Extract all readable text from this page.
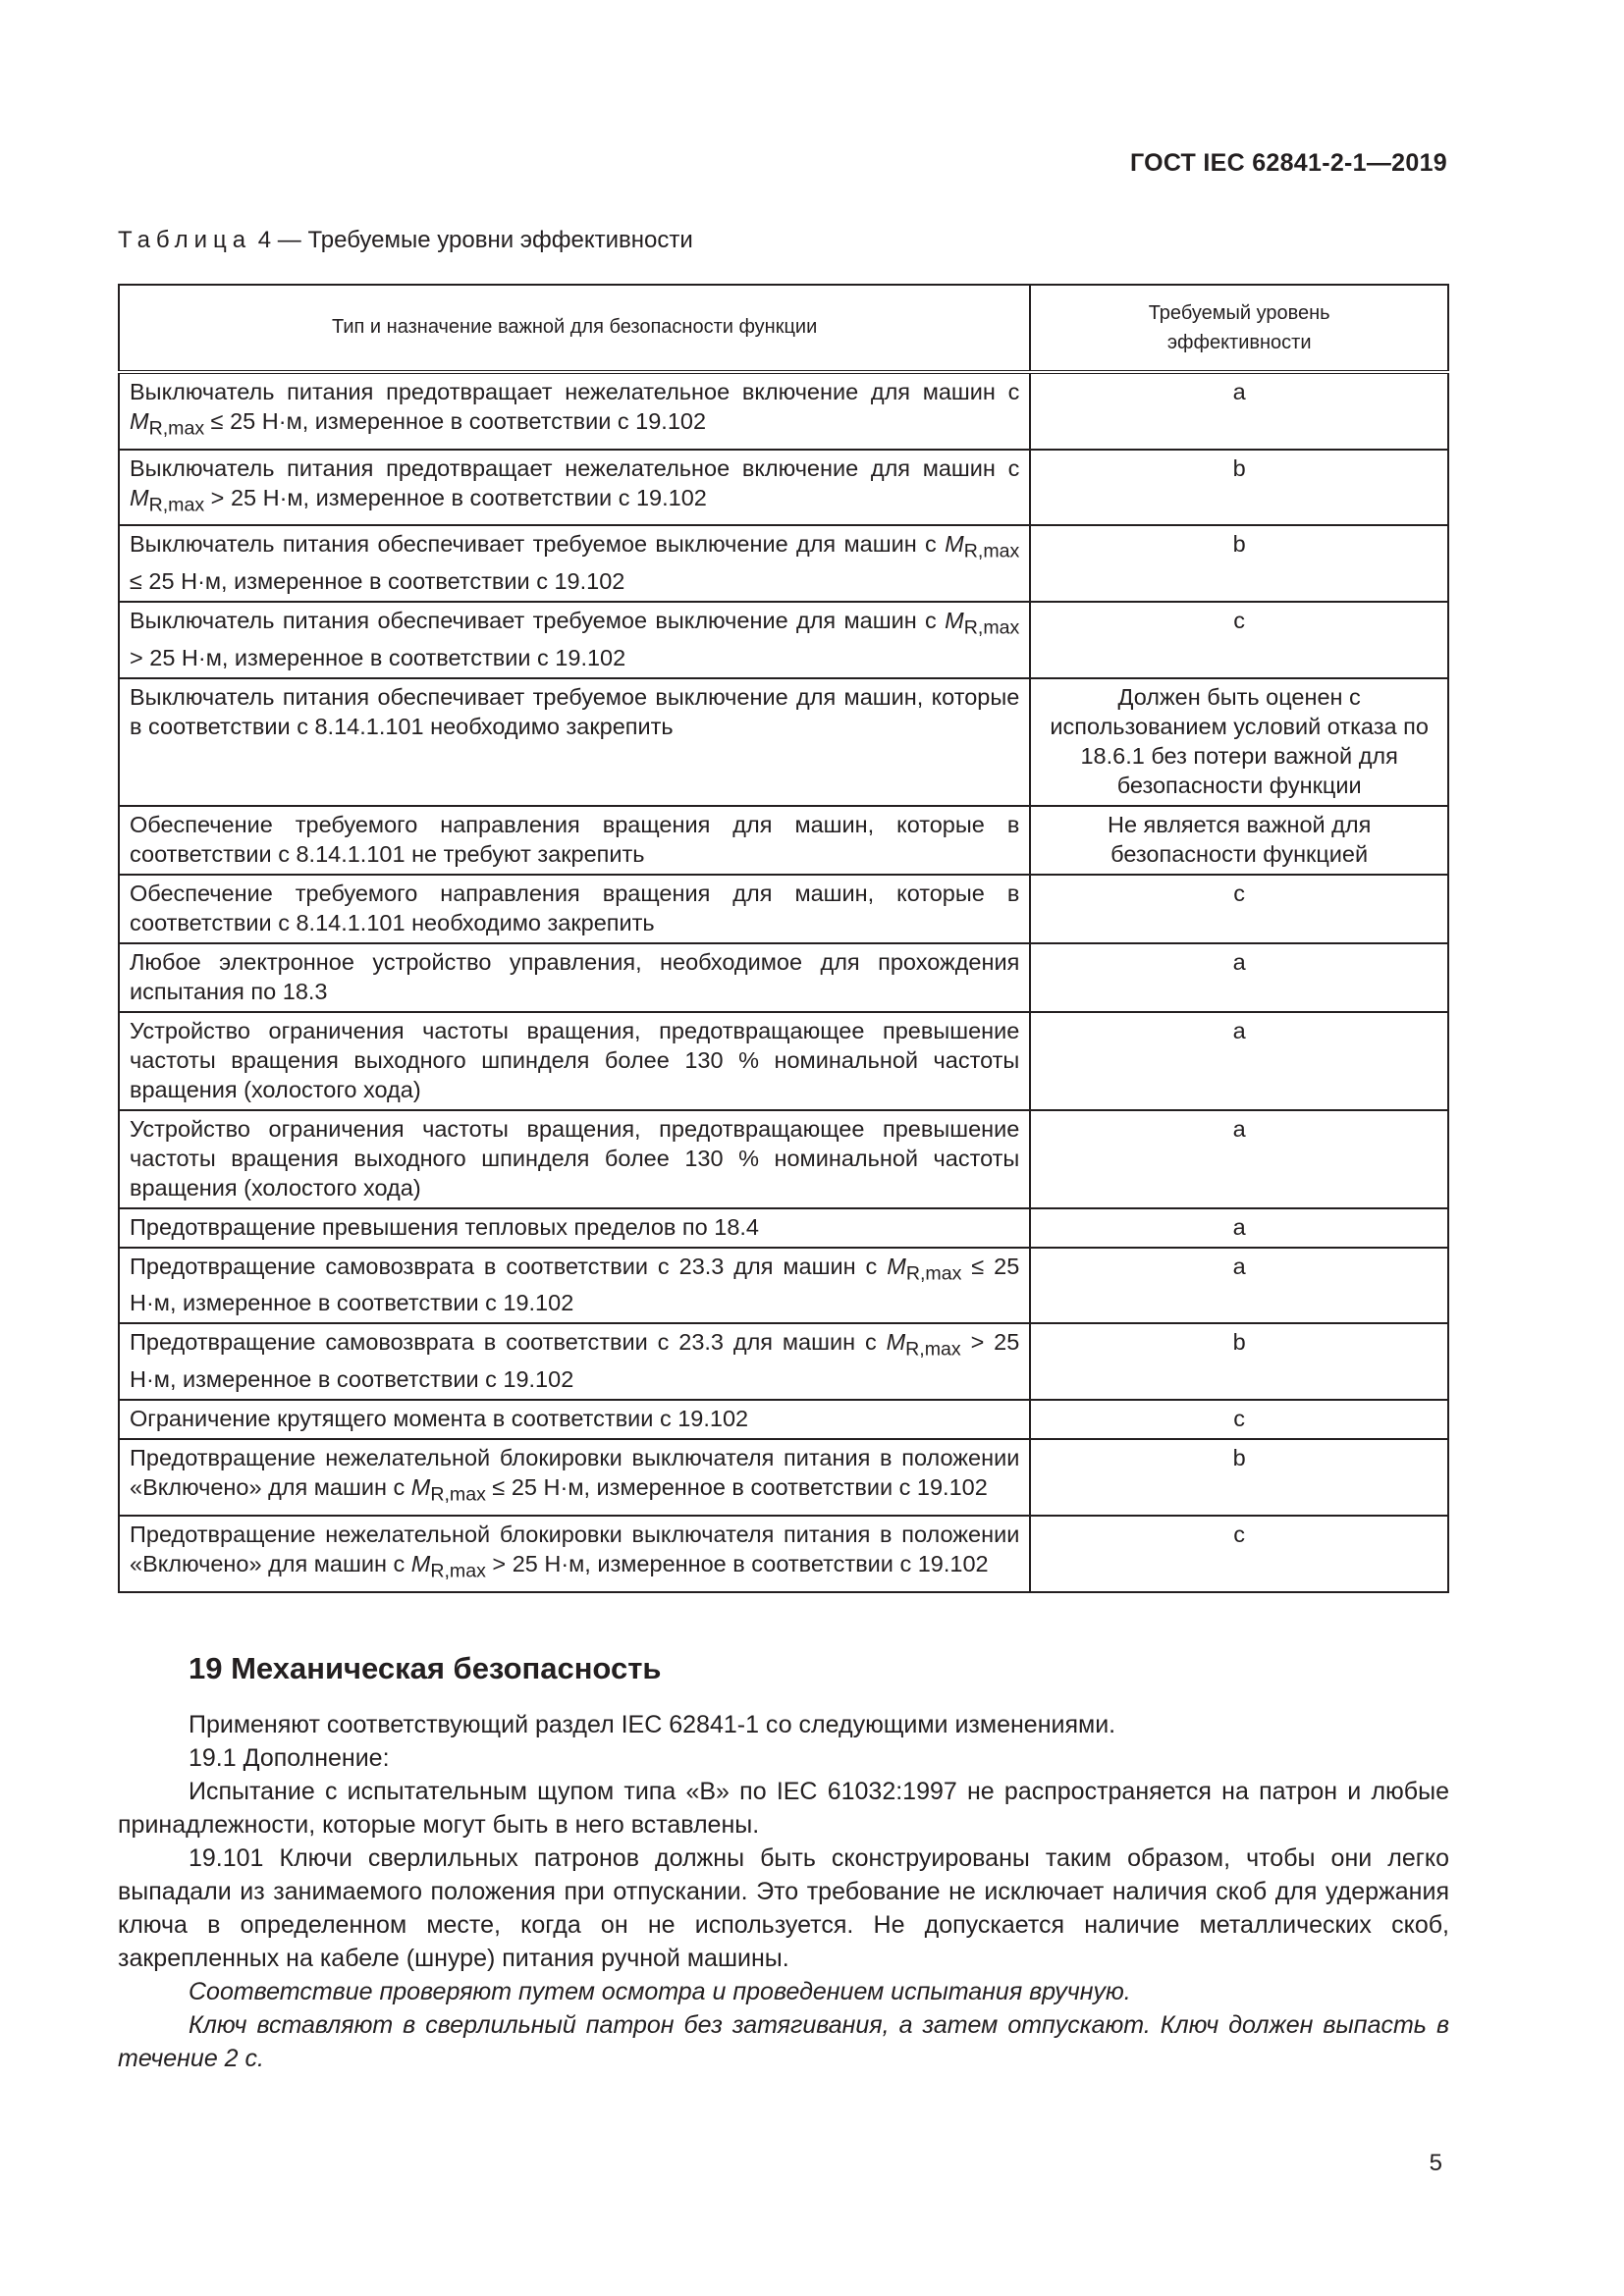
ГОСТ IEC 62841-2-1—2019
Таблица 4 — Требуемые уровни эффективности
Тип и назначение важной для безопасности функции	Требуемый уровень эффективности
Выключатель питания предотвращает нежелательное включение для машин с $M_{R,max} \le 25$ Н·м, измеренное в соответствии с 19.102	a
Выключатель питания предотвращает нежелательное включение для машин с $M_{R,max} > 25$ Н·м, измеренное в соответствии с 19.102	b
Выключатель питания обеспечивает требуемое выключение для машин с $M_{R,max} \le 25$ Н·м, измеренное в соответствии с 19.102	b
Выключатель питания обеспечивает требуемое выключение для машин с $M_{R,max} > 25$ Н·м, измеренное в соответствии с 19.102	c
Выключатель питания обеспечивает требуемое выключение для машин, которые в соответствии с 8.14.1.101 необходимо закрепить	Должен быть оценен с использованием условий отказа по 18.6.1 без потери важной для безопасности функции
Обеспечение требуемого направления вращения для машин, которые в соответствии с 8.14.1.101 не требуют закрепить	Не является важной для безопасности функцией
Обеспечение требуемого направления вращения для машин, которые в соответствии с 8.14.1.101 необходимо закрепить	c
Любое электронное устройство управления, необходимое для прохождения испытания по 18.3	a
Устройство ограничения частоты вращения, предотвращающее превышение частоты вращения выходного шпинделя более 130 % номинальной частоты вращения (холостого хода)	a
Устройство ограничения частоты вращения, предотвращающее превышение частоты вращения выходного шпинделя более 130 % номинальной частоты вращения (холостого хода)	a
Предотвращение превышения тепловых пределов по 18.4	a
Предотвращение самовозврата в соответствии с 23.3 для машин с $M_{R,max} \le 25$ Н·м, измеренное в соответствии с 19.102	a
Предотвращение самовозврата в соответствии с 23.3 для машин с $M_{R,max} > 25$ Н·м, измеренное в соответствии с 19.102	b
Ограничение крутящего момента в соответствии с 19.102	c
Предотвращение нежелательной блокировки выключателя питания в положении «Включено» для машин с $M_{R,max} \le 25$ Н·м, измеренное в соответствии с 19.102	b
Предотвращение нежелательной блокировки выключателя питания в положении «Включено» для машин с $M_{R,max} > 25$ Н·м, измеренное в соответствии с 19.102	c
19 Механическая безопасность

Применяют соответствующий раздел IEC 62841-1 со следующими изменениями.

19.1 Дополнение:

Испытание с испытательным щупом типа «В» по IEC 61032:1997 не распространяется на патрон и любые принадлежности, которые могут быть в него вставлены.

19.101 Ключи сверлильных патронов должны быть сконструированы таким образом, чтобы они легко выпадали из занимаемого положения при отпускании. Это требование не исключает наличия скоб для удержания ключа в определенном месте, когда он не используется. Не допускается наличие металлических скоб, закрепленных на кабеле (шнуре) питания ручной машины.

Соответствие проверяют путем осмотра и проведением испытания вручную.

Ключ вставляют в сверлильный патрон без затягивания, а затем отпускают. Ключ должен выпасть в течение 2 с.

5
